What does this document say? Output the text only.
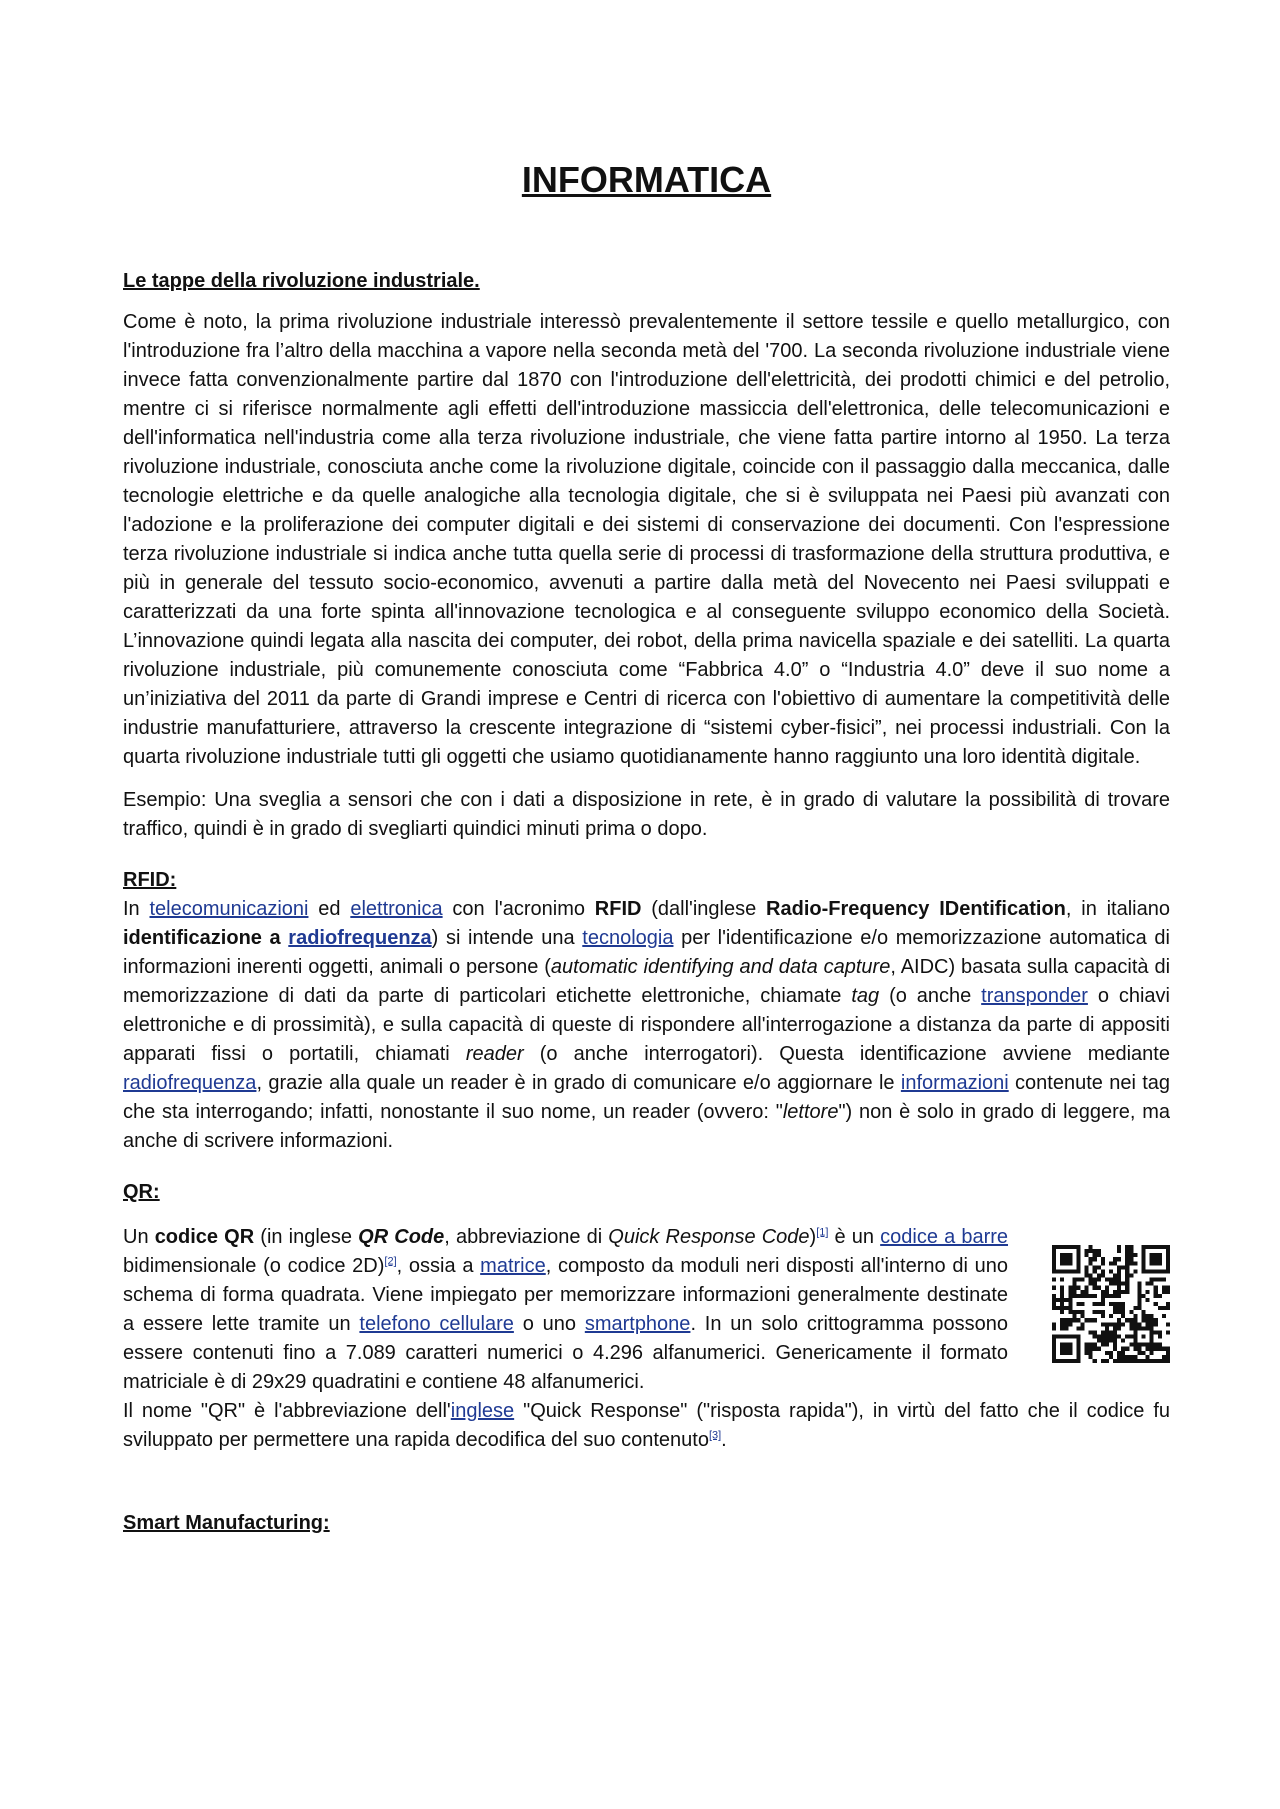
INFORMATICA
Le tappe della rivoluzione industriale.

Come è noto, la prima rivoluzione industriale interessò prevalentemente il settore tessile e quello metallurgico, con l'introduzione fra l’altro della macchina a vapore nella seconda metà del '700. La seconda rivoluzione industriale viene invece fatta convenzionalmente partire dal 1870 con l'introduzione dell'elettricità, dei prodotti chimici e del petrolio, mentre ci si riferisce normalmente agli effetti dell'introduzione massiccia dell'elettronica, delle telecomunicazioni e dell'informatica nell'industria come alla terza rivoluzione industriale, che viene fatta partire intorno al 1950. La terza rivoluzione industriale, conosciuta anche come la rivoluzione digitale, coincide con il passaggio dalla meccanica, dalle tecnologie elettriche e da quelle analogiche alla tecnologia digitale, che si è sviluppata nei Paesi più avanzati con l'adozione e la proliferazione dei computer digitali e dei sistemi di conservazione dei documenti. Con l'espressione terza rivoluzione industriale si indica anche tutta quella serie di processi di trasformazione della struttura produttiva, e più in generale del tessuto socio-economico, avvenuti a partire dalla metà del Novecento nei Paesi sviluppati e caratterizzati da una forte spinta all'innovazione tecnologica e al conseguente sviluppo economico della Società. L’innovazione quindi legata alla nascita dei computer, dei robot, della prima navicella spaziale e dei satelliti. La quarta rivoluzione industriale, più comunemente conosciuta come “Fabbrica 4.0” o “Industria 4.0” deve il suo nome a un’iniziativa del 2011 da parte di Grandi imprese e Centri di ricerca con l'obiettivo di aumentare la competitività delle industrie manufatturiere, attraverso la crescente integrazione di “sistemi cyber-fisici”, nei processi industriali. Con la quarta rivoluzione industriale tutti gli oggetti che usiamo quotidianamente hanno raggiunto una loro identità digitale.

Esempio: Una sveglia a sensori che con i dati a disposizione in rete, è in grado di valutare la possibilità di trovare traffico, quindi è in grado di svegliarti quindici minuti prima o dopo.

RFID:

In telecomunicazioni ed elettronica con l'acronimo RFID (dall'inglese Radio-Frequency IDentification, in italiano identificazione a radiofrequenza) si intende una tecnologia per l'identificazione e/o memorizzazione automatica di informazioni inerenti oggetti, animali o persone (automatic identifying and data capture, AIDC) basata sulla capacità di memorizzazione di dati da parte di particolari etichette elettroniche, chiamate tag (o anche transponder o chiavi elettroniche e di prossimità), e sulla capacità di queste di rispondere all'interrogazione a distanza da parte di appositi apparati fissi o portatili, chiamati reader (o anche interrogatori). Questa identificazione avviene mediante radiofrequenza, grazie alla quale un reader è in grado di comunicare e/o aggiornare le informazioni contenute nei tag che sta interrogando; infatti, nonostante il suo nome, un reader (ovvero: "lettore") non è solo in grado di leggere, ma anche di scrivere informazioni.

QR:

Un codice QR (in inglese QR Code, abbreviazione di Quick Response Code)[1] è un codice a barre bidimensionale (o codice 2D)[2], ossia a matrice, composto da moduli neri disposti all'interno di uno schema di forma quadrata. Viene impiegato per memorizzare informazioni generalmente destinate a essere lette tramite un telefono cellulare o uno smartphone. In un solo crittogramma possono essere contenuti fino a 7.089 caratteri numerici o 4.296 alfanumerici. Genericamente il formato matriciale è di 29x29 quadratini e contiene 48 alfanumerici.

Il nome "QR" è l'abbreviazione dell'inglese "Quick Response" ("risposta rapida"), in virtù del fatto che il codice fu sviluppato per permettere una rapida decodifica del suo contenuto[3].

Smart Manufacturing:
